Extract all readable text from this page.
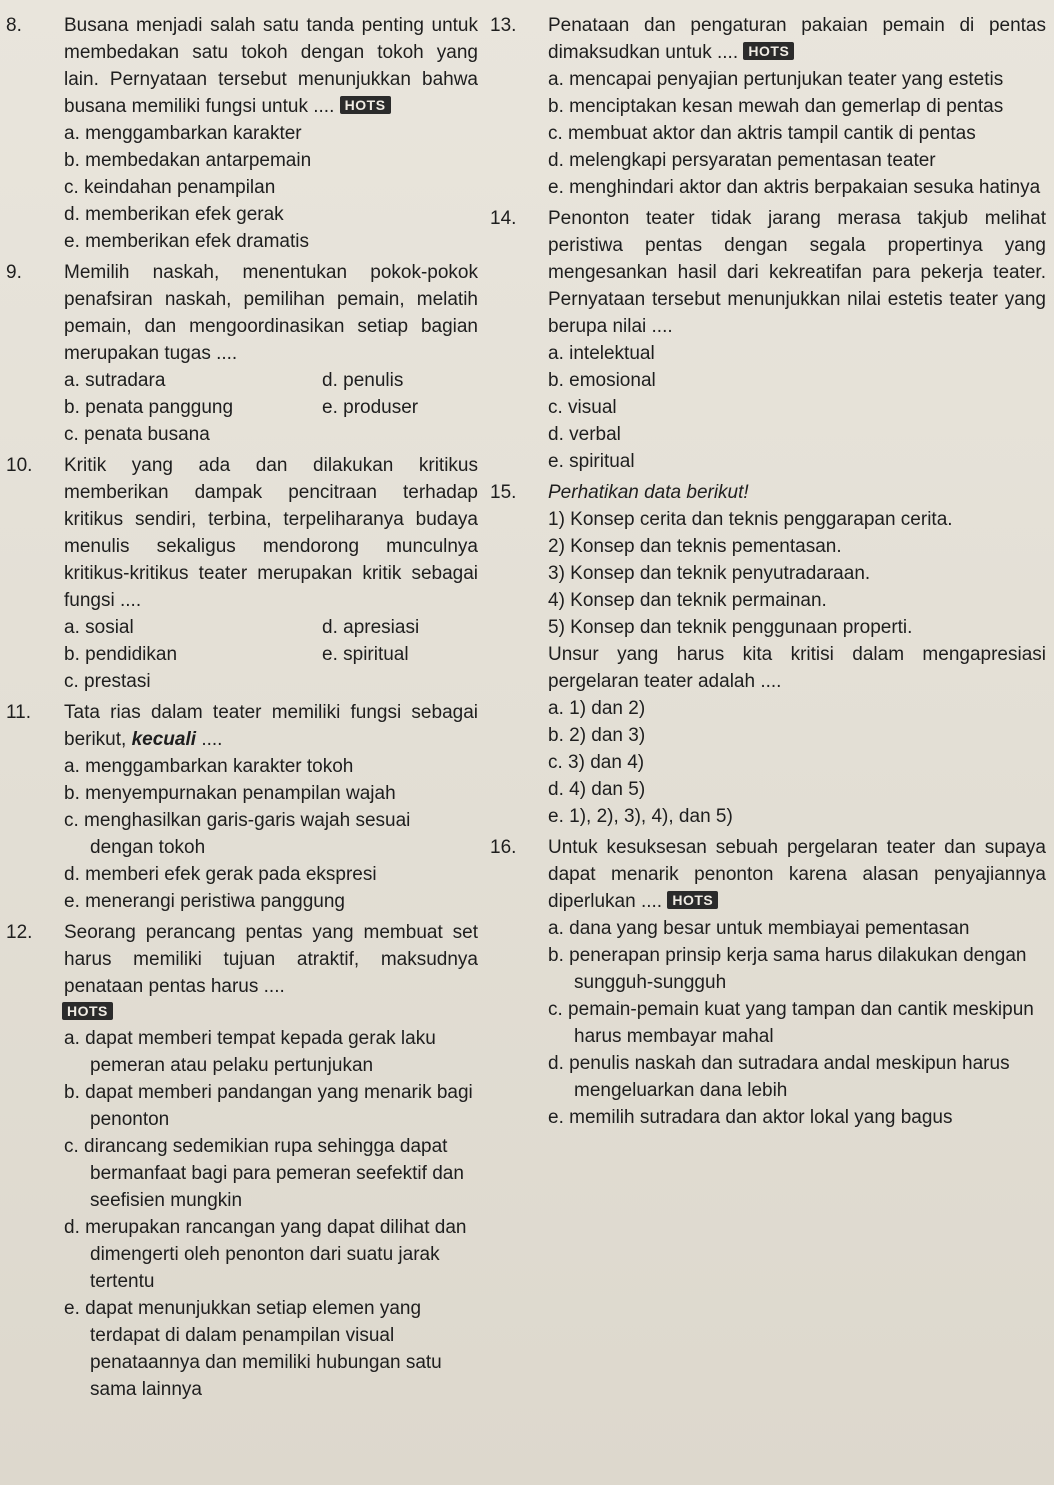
8. Busana menjadi salah satu tanda penting untuk membedakan satu tokoh dengan tokoh yang lain. Pernyataan tersebut menunjukkan bahwa busana memiliki fungsi untuk .... HOTS
a. menggambarkan karakter
b. membedakan antarpemain
c. keindahan penampilan
d. memberikan efek gerak
e. memberikan efek dramatis
9. Memilih naskah, menentukan pokok-pokok penafsiran naskah, pemilihan pemain, melatih pemain, dan mengoordinasikan setiap bagian merupakan tugas ....
a. sutradara	d. penulis
b. penata panggung	e. produser
c. penata busana
10. Kritik yang ada dan dilakukan kritikus memberikan dampak pencitraan terhadap kritikus sendiri, terbina, terpeliharanya budaya menulis sekaligus mendorong munculnya kritikus-kritikus teater merupakan kritik sebagai fungsi ....
a. sosial	d. apresiasi
b. pendidikan	e. spiritual
c. prestasi
11. Tata rias dalam teater memiliki fungsi sebagai berikut, kecuali ....
a. menggambarkan karakter tokoh
b. menyempurnakan penampilan wajah
c. menghasilkan garis-garis wajah sesuai dengan tokoh
d. memberi efek gerak pada ekspresi
e. menerangi peristiwa panggung
12. Seorang perancang pentas yang membuat set harus memiliki tujuan atraktif, maksudnya penataan pentas harus ....
HOTS
a. dapat memberi tempat kepada gerak laku pemeran atau pelaku pertunjukan
b. dapat memberi pandangan yang menarik bagi penonton
c. dirancang sedemikian rupa sehingga dapat bermanfaat bagi para pemeran seefektif dan seefisien mungkin
d. merupakan rancangan yang dapat dilihat dan dimengerti oleh penonton dari suatu jarak tertentu
e. dapat menunjukkan setiap elemen yang terdapat di dalam penampilan visual penataannya dan memiliki hubungan satu sama lainnya
13. Penataan dan pengaturan pakaian pemain di pentas dimaksudkan untuk .... HOTS
a. mencapai penyajian pertunjukan teater yang estetis
b. menciptakan kesan mewah dan gemerlap di pentas
c. membuat aktor dan aktris tampil cantik di pentas
d. melengkapi persyaratan pementasan teater
e. menghindari aktor dan aktris berpakaian sesuka hatinya
14. Penonton teater tidak jarang merasa takjub melihat peristiwa pentas dengan segala propertinya yang mengesankan hasil dari kekreatifan para pekerja teater. Pernyataan tersebut menunjukkan nilai estetis teater yang berupa nilai ....
a. intelektual
b. emosional
c. visual
d. verbal
e. spiritual
15. Perhatikan data berikut!
1) Konsep cerita dan teknis penggarapan cerita.
2) Konsep dan teknis pementasan.
3) Konsep dan teknik penyutradaraan.
4) Konsep dan teknik permainan.
5) Konsep dan teknik penggunaan properti.
Unsur yang harus kita kritisi dalam mengapresiasi pergelaran teater adalah ....
a. 1) dan 2)
b. 2) dan 3)
c. 3) dan 4)
d. 4) dan 5)
e. 1), 2), 3), 4), dan 5)
16. Untuk kesuksesan sebuah pergelaran teater dan supaya dapat menarik penonton karena alasan penyajiannya diperlukan .... HOTS
a. dana yang besar untuk membiayai pementasan
b. penerapan prinsip kerja sama harus dilakukan dengan sungguh-sungguh
c. pemain-pemain kuat yang tampan dan cantik meskipun harus membayar mahal
d. penulis naskah dan sutradara andal meskipun harus mengeluarkan dana lebih
e. memilih sutradara dan aktor lokal yang bagus
